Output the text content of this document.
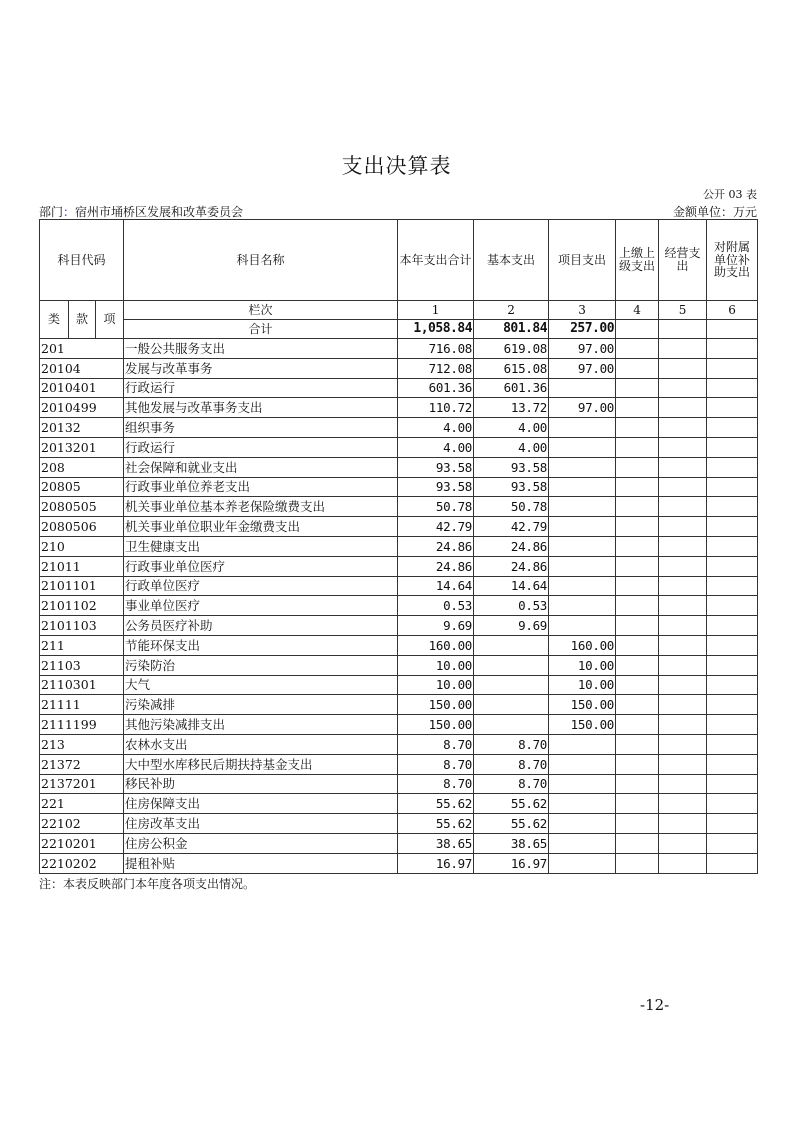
支出决算表
公开 03 表
部门：宿州市埇桥区发展和改革委员会	金额单位：万元
科目代码			科目名称	本年支出合计	基本支出	项目支出	上缴上级支出	经营支出	对附属单位补助支出
类	款	项	栏次	1	2	3	4	5	6
			合计	1,058.84	801.84	257.00			
201			一般公共服务支出	716.08	619.08	97.00			
20104			发展与改革事务	712.08	615.08	97.00			
2010401			行政运行	601.36	601.36				
2010499			其他发展与改革事务支出	110.72	13.72	97.00			
20132			组织事务	4.00	4.00				
2013201			行政运行	4.00	4.00				
208			社会保障和就业支出	93.58	93.58				
20805			行政事业单位养老支出	93.58	93.58				
2080505			机关事业单位基本养老保险缴费支出	50.78	50.78				
2080506			机关事业单位职业年金缴费支出	42.79	42.79				
210			卫生健康支出	24.86	24.86				
21011			行政事业单位医疗	24.86	24.86				
2101101			行政单位医疗	14.64	14.64				
2101102			事业单位医疗	0.53	0.53				
2101103			公务员医疗补助	9.69	9.69				
211			节能环保支出	160.00		160.00			
21103			污染防治	10.00		10.00			
2110301			大气	10.00		10.00			
21111			污染减排	150.00		150.00			
2111199			其他污染减排支出	150.00		150.00			
213			农林水支出	8.70	8.70				
21372			大中型水库移民后期扶持基金支出	8.70	8.70				
2137201			移民补助	8.70	8.70				
221			住房保障支出	55.62	55.62				
22102			住房改革支出	55.62	55.62				
2210201			住房公积金	38.65	38.65				
2210202			提租补贴	16.97	16.97				
注：本表反映部门本年度各项支出情况。
-12-
